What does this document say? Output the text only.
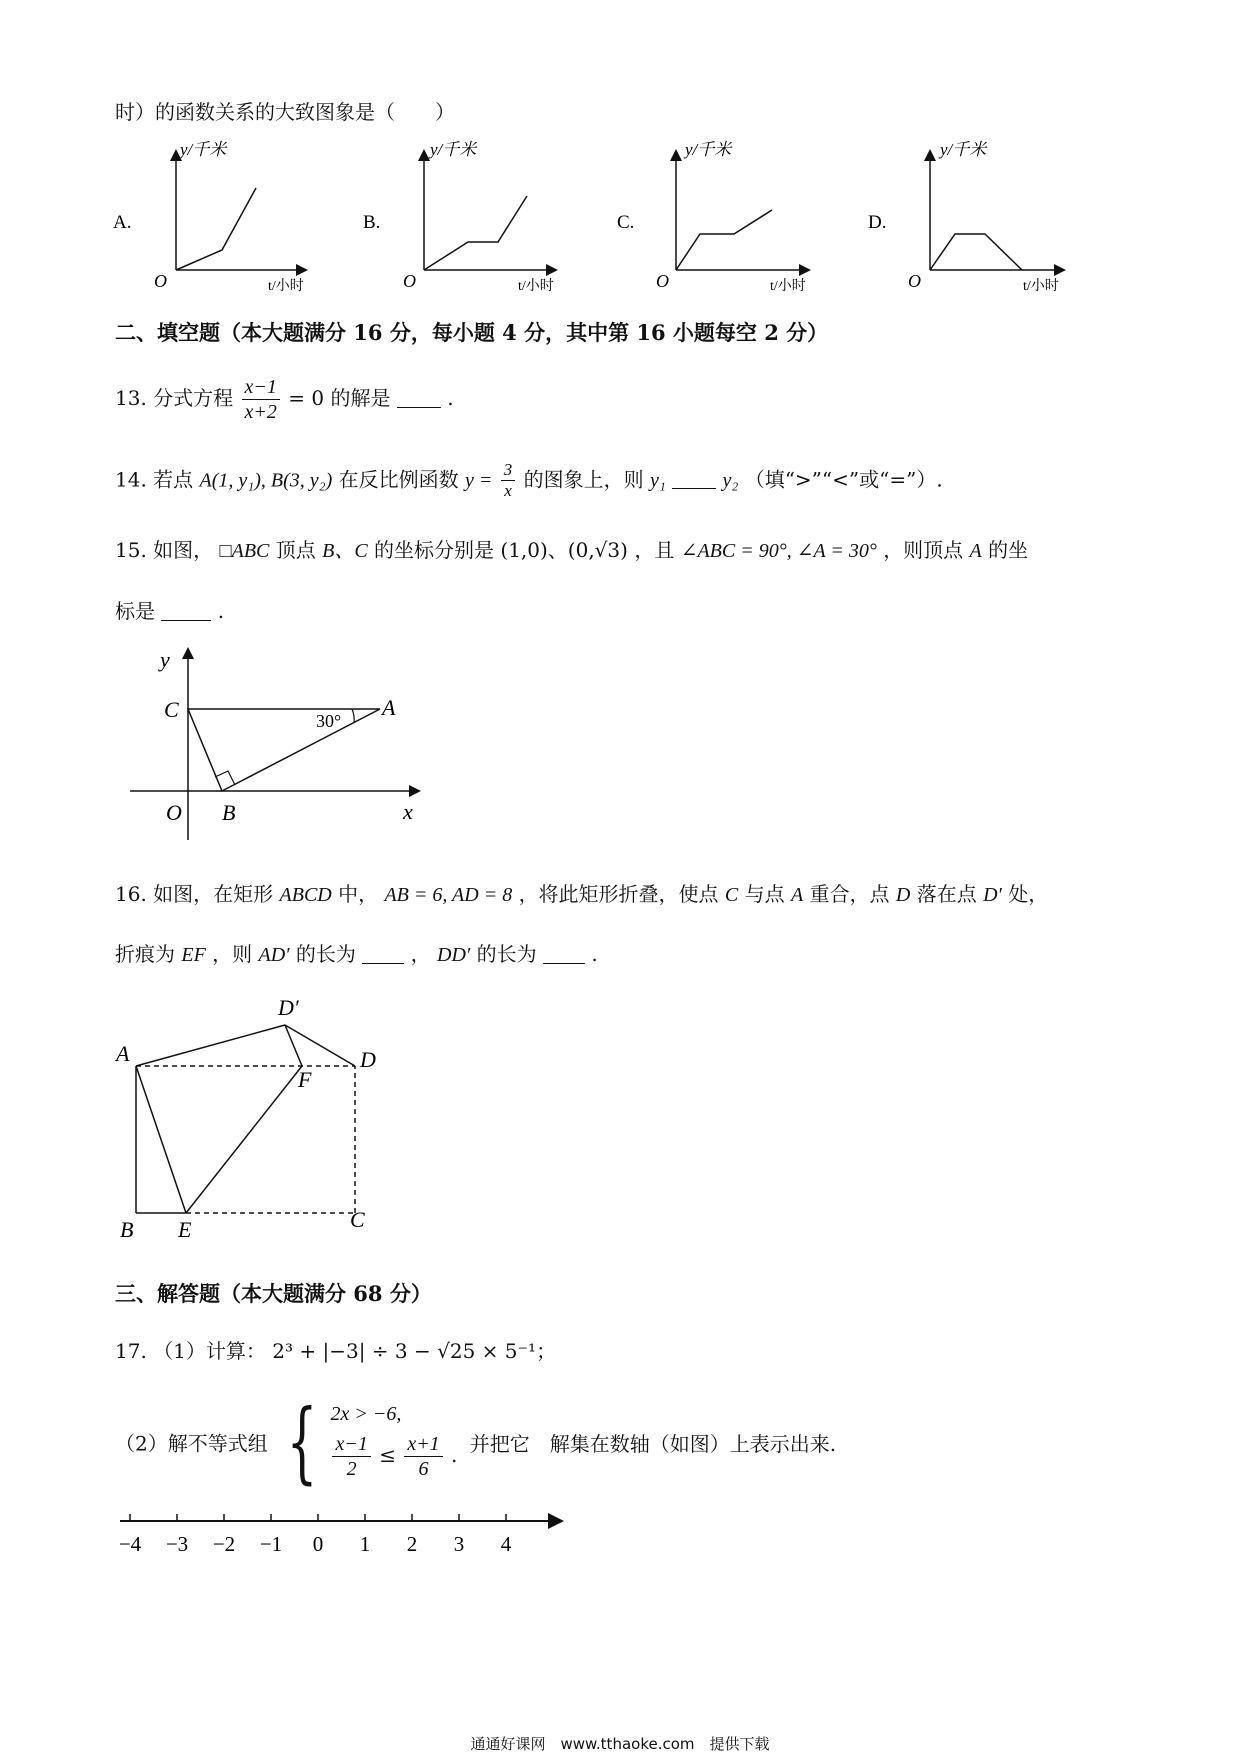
时）的函数关系的大致图象是（　　）
A.
y/千米
O	t/小时
B.
y/千米
O	t/小时
C.
y/千米
O	t/小时
D.
y/千米
O	t/小时
二、填空题（本大题满分 16 分，每小题 4 分，其中第 16 小题每空 2 分）
13. 分式方程 $\frac{x-1}{x+2} = 0$ 的解是	.
14. 若点 A(1, y₁), B(3, y₂) 在反比例函数 $y = \frac{3}{x}$ 的图象上，则 y₁	y₂ （填“>”“<”或“=”）.
15. 如图， □ABC 顶点 B、C 的坐标分别是 (1,0)、(0,√3) ，且 ∠ABC = 90°, ∠A = 30° ，则顶点 A 的坐
标是	.
y
x
C	A
O B
30°
16. 如图，在矩形 ABCD 中， AB = 6, AD = 8 ，将此矩形折叠，使点 C 与点 A 重合，点 D 落在点 D′ 处，
折痕为 EF ，则 AD′ 的长为	， DD′ 的长为	.
D′
A	D
F
B E	C
三、解答题（本大题满分 68 分）
17. （1）计算： 2³ + |−3| ÷ 3 − √25 × 5⁻¹；
（2）解不等式组 { 2x > −6,
$\frac{x-1}{2} \le \frac{x+1}{6}$ . 并把它　解集在数轴（如图）上表示出来.
−4 −3 −2 −1 0 1 2 3 4
通通好课网　www.tthaoke.com　提供下载
